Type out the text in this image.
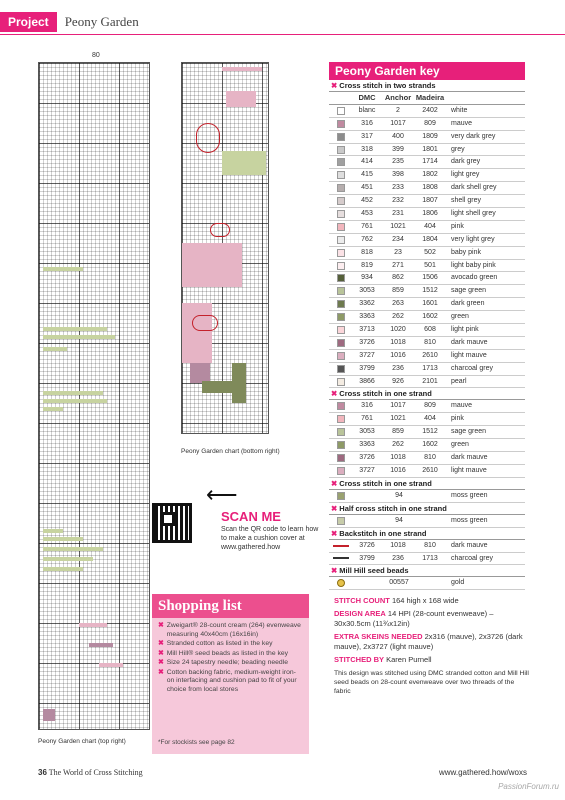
Project	Peony Garden
80
Peony Garden chart (top right)
Peony Garden chart (bottom right)
⟵
SCAN ME
Scan the QR code to learn how to make a cushion cover at www.gathered.how
Shopping list
✖ Zweigart® 28-count cream (264) evenweave measuring 40x40cm (16x16in)
✖ Stranded cotton as listed in the key
✖ Mill Hill® seed beads as listed in the key
✖ Size 24 tapestry needle; beading needle
✖ Cotton backing fabric, medium-weight iron-on interfacing and cushion pad to fit of your choice from local stores
*For stockists see page 82
Peony Garden key
✖ Cross stitch in two strands
DMC	Anchor Madeira
blanc	2	2402	white
316	1017	809	mauve
317	400	1809	very dark grey
318	399	1801	grey
414	235	1714	dark grey
415	398	1802	light grey
451	233	1808	dark shell grey
452	232	1807	shell grey
453	231	1806	light shell grey
761	1021	404	pink
762	234	1804	very light grey
818	23	502	baby pink
819	271	501	light baby pink
934	862	1506	avocado green
3053	859	1512	sage green
3362	263	1601	dark green
3363	262	1602	green
3713	1020	608	light pink
3726	1018	810	dark mauve
3727	1016	2610	light mauve
3799	236	1713	charcoal grey
3866	926	2101	pearl
✖ Cross stitch in one strand
316	1017	809	mauve
761	1021	404	pink
3053	859	1512	sage green
3363	262	1602	green
3726	1018	810	dark mauve
3727	1016	2610	light mauve
✖ Cross stitch in one strand
94	moss green
✖ Half cross stitch in one strand
94	moss green
✖ Backstitch in one strand
3726	1018	810	dark mauve
3799	236	1713	charcoal grey
✖ Mill Hill seed beads
00557	gold

STITCH COUNT 164 high x 168 wide

DESIGN AREA 14 HPI (28-count evenweave) – 30x30.5cm (11¾x12in)

EXTRA SKEINS NEEDED 2x316 (mauve), 2x3726 (dark mauve), 2x3727 (light mauve)

STITCHED BY Karen Purnell

This design was stitched using DMC stranded cotton and Mill Hill seed beads on 28-count evenweave over two threads of the fabric

36 The World of Cross Stitching	www.gathered.how/woxs
PassionForum.ru
